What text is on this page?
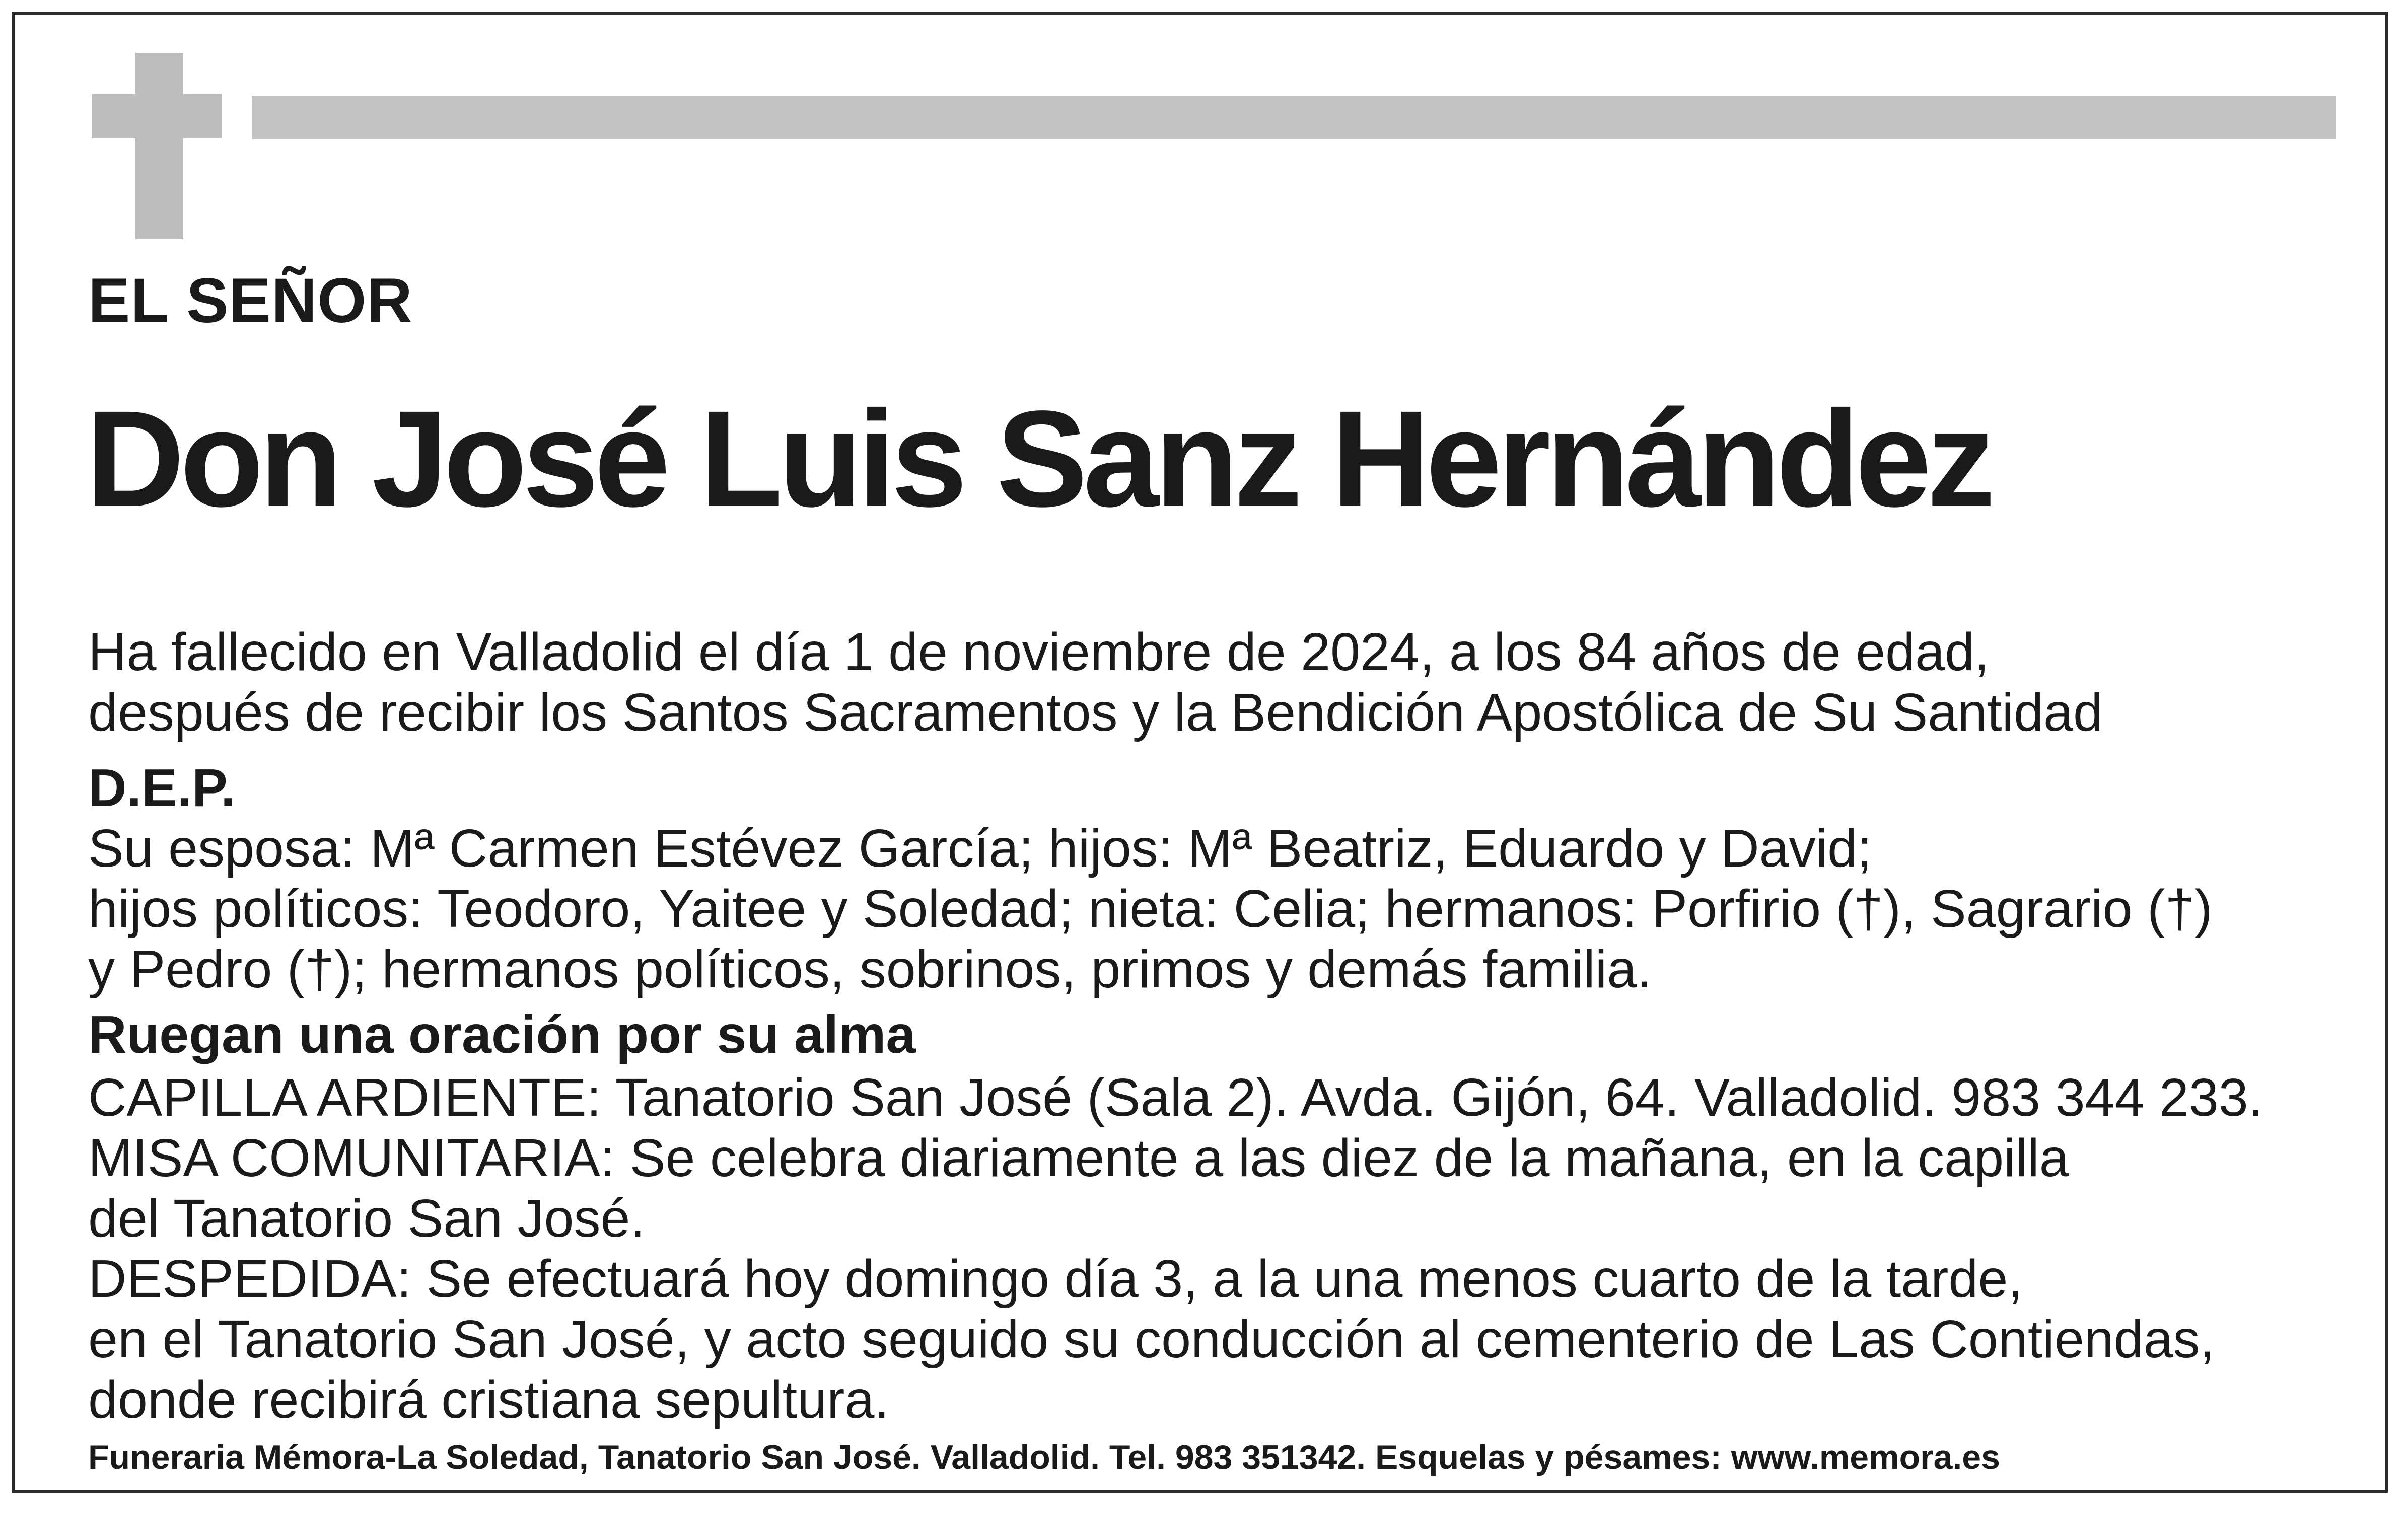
EL SEÑOR
Don José Luis Sanz Hernández
Ha fallecido en Valladolid el día 1 de noviembre de 2024, a los 84 años de edad,
después de recibir los Santos Sacramentos y la Bendición Apostólica de Su Santidad
D.E.P.
Su esposa: Mª Carmen Estévez García; hijos: Mª Beatriz, Eduardo y David;
hijos políticos: Teodoro, Yaitee y Soledad; nieta: Celia; hermanos: Porfirio (†), Sagrario (†)
y Pedro (†); hermanos políticos, sobrinos, primos y demás familia.
Ruegan una oración por su alma
CAPILLA ARDIENTE: Tanatorio San José (Sala 2). Avda. Gijón, 64. Valladolid. 983 344 233.
MISA COMUNITARIA: Se celebra diariamente a las diez de la mañana, en la capilla
del Tanatorio San José.
DESPEDIDA: Se efectuará hoy domingo día 3, a la una menos cuarto de la tarde,
en el Tanatorio San José, y acto seguido su conducción al cementerio de Las Contiendas,
donde recibirá cristiana sepultura.
Funeraria Mémora-La Soledad, Tanatorio San José. Valladolid. Tel. 983 351342. Esquelas y pésames: www.memora.es
